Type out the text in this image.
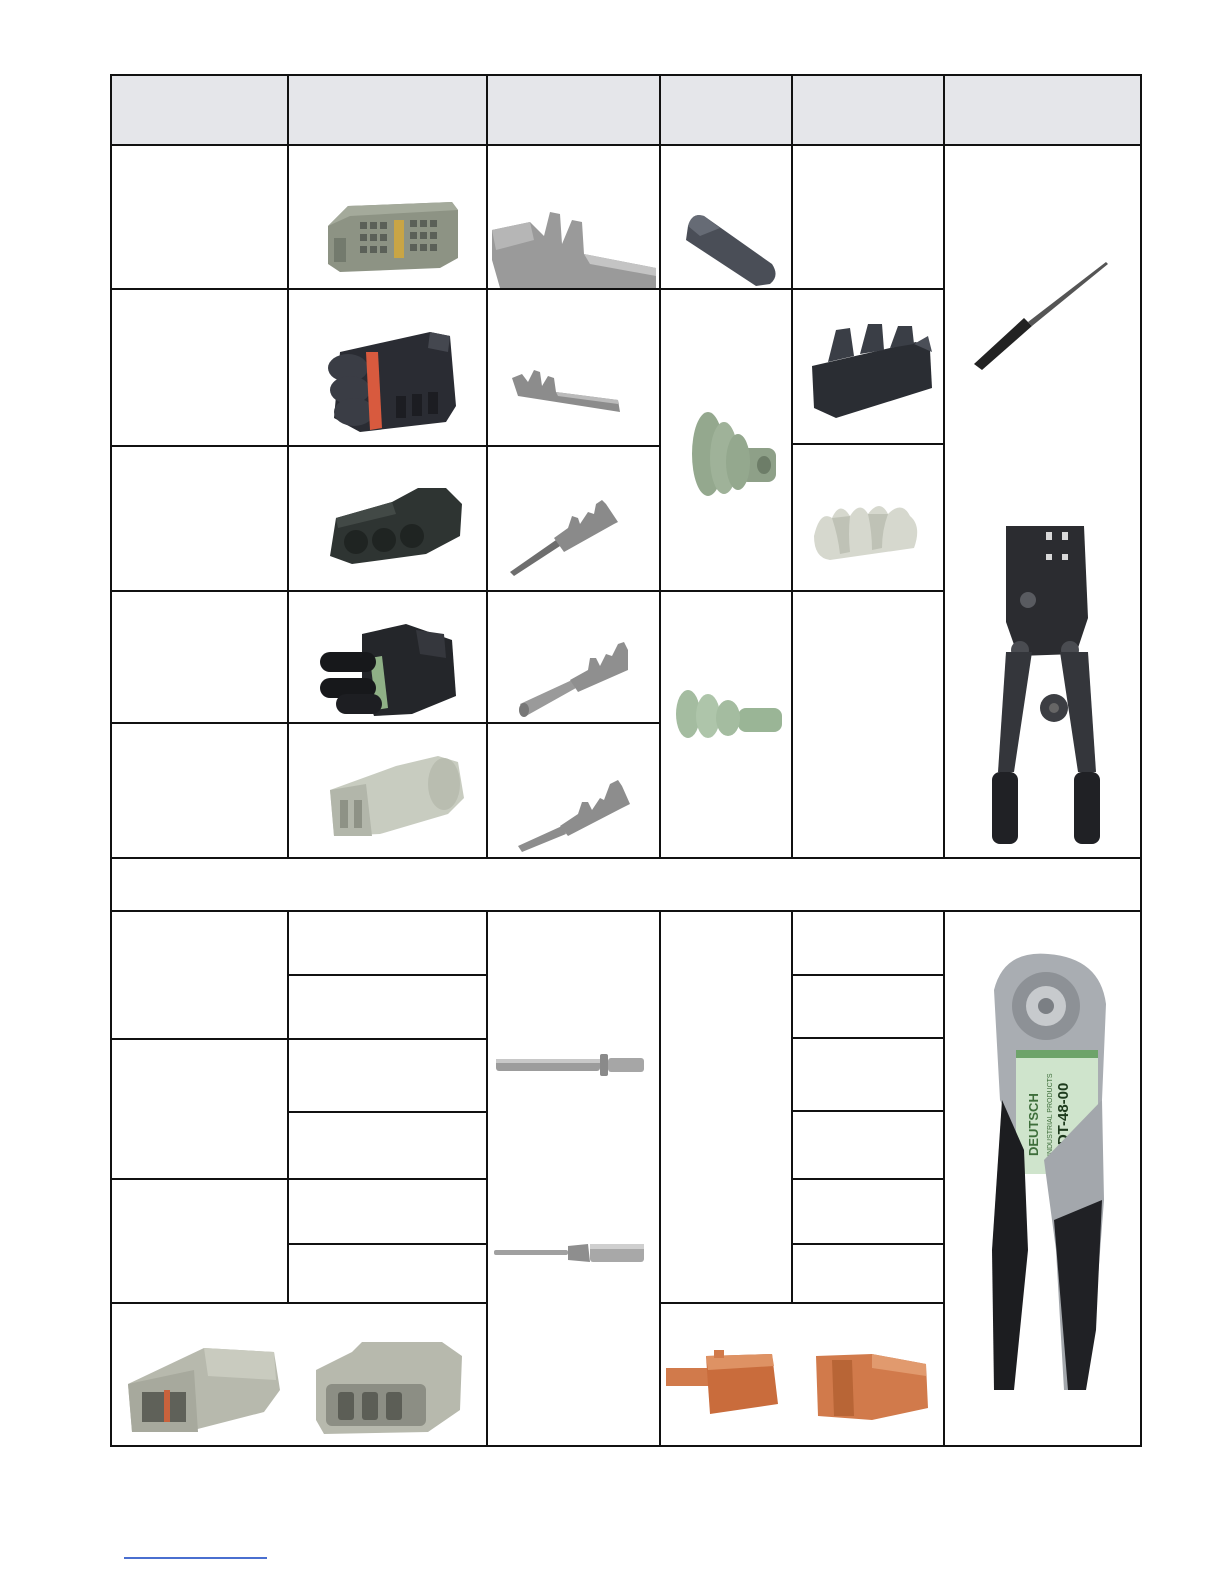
DEUTSCH INDUSTRIAL PRODUCTS HDT-48-00
